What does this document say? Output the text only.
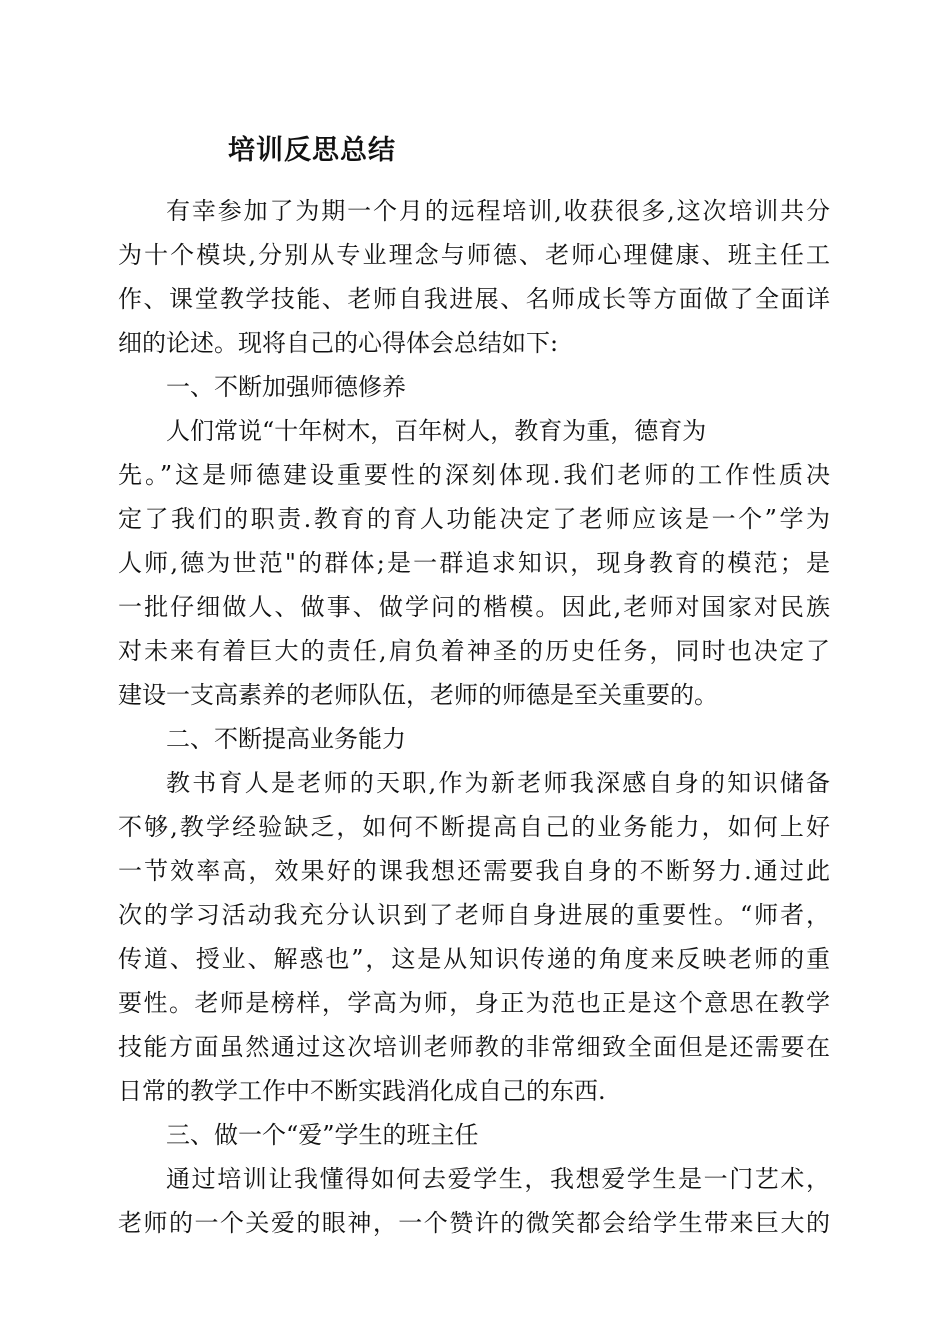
培训反思总结

有幸参加了为期一个月的远程培训,收获很多,这次培训共分

为十个模块,分别从专业理念与师德、老师心理健康、班主任工

作、课堂教学技能、老师自我进展、名师成长等方面做了全面详

细的论述。现将自己的心得体会总结如下:

一、不断加强师德修养

人们常说“十年树木，百年树人，教育为重，德育为

先。”这是师德建设重要性的深刻体现.我们老师的工作性质决

定了我们的职责.教育的育人功能决定了老师应该是一个”学为

人师,德为世范"的群体;是一群追求知识，现身教育的模范；是

一批仔细做人、做事、做学问的楷模。因此,老师对国家对民族

对未来有着巨大的责任,肩负着神圣的历史任务，同时也决定了

建设一支高素养的老师队伍，老师的师德是至关重要的。

二、不断提高业务能力

教书育人是老师的天职,作为新老师我深感自身的知识储备

不够,教学经验缺乏，如何不断提高自己的业务能力，如何上好

一节效率高，效果好的课我想还需要我自身的不断努力.通过此

次的学习活动我充分认识到了老师自身进展的重要性。“师者，

传道、授业、解惑也”，这是从知识传递的角度来反映老师的重

要性。老师是榜样，学高为师，身正为范也正是这个意思在教学

技能方面虽然通过这次培训老师教的非常细致全面但是还需要在

日常的教学工作中不断实践消化成自己的东西.

三、做一个“爱”学生的班主任

通过培训让我懂得如何去爱学生，我想爱学生是一门艺术，

老师的一个关爱的眼神，一个赞许的微笑都会给学生带来巨大的
